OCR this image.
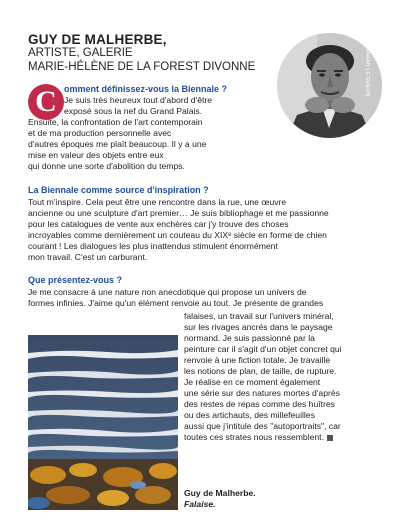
GUY DE MALHERBE,
ARTISTE, GALERIE
MARIE-HÉLÈNE DE LA FOREST DIVONNE	© SARAH LE GUERN
C omment définissez-vous la Biennale ?
Je suis très heureux tout d'abord d'être
exposé sous la nef du Grand Palais.
Ensuite, la confrontation de l'art contemporain
et de ma production personnelle avec
d'autres époques me plaît beaucoup. Il y a une
mise en valeur des objets entre eux
qui donne une sorte d'abolition du temps.
La Biennale comme source d'inspiration ?
Tout m'inspire. Cela peut être une rencontre dans la rue, une œuvre
ancienne ou une sculpture d'art premier… Je suis bibliophage et me passionne
pour les catalogues de vente aux enchères car j'y trouve des choses
incroyables comme dernièrement un couteau du XIXᵉ siècle en forme de chien
courant ! Les dialogues les plus inattendus stimulent énormément
mon travail. C'est un carburant.
Que présentez-vous ?
Je me consacre à une nature non anecdotique qui propose un univers de
formes infinies. J'aime qu'un élément renvoie au tout. Je présente de grandes
falaises, un travail sur l'univers minéral,
sur les rivages ancrés dans le paysage
normand. Je suis passionné par la
peinture car il s'agit d'un objet concret qui
renvoie à une fiction totale. Je travaille
les notions de plan, de taille, de rupture.
Je réalise en ce moment également
une série sur des natures mortes d'après
des restes de repas comme des huîtres
ou des artichauts, des millefeuilles
aussi que j'intitule des "autoportraits", car
toutes ces strates nous ressemblent.
Guy de Malherbe.
Falaise.
